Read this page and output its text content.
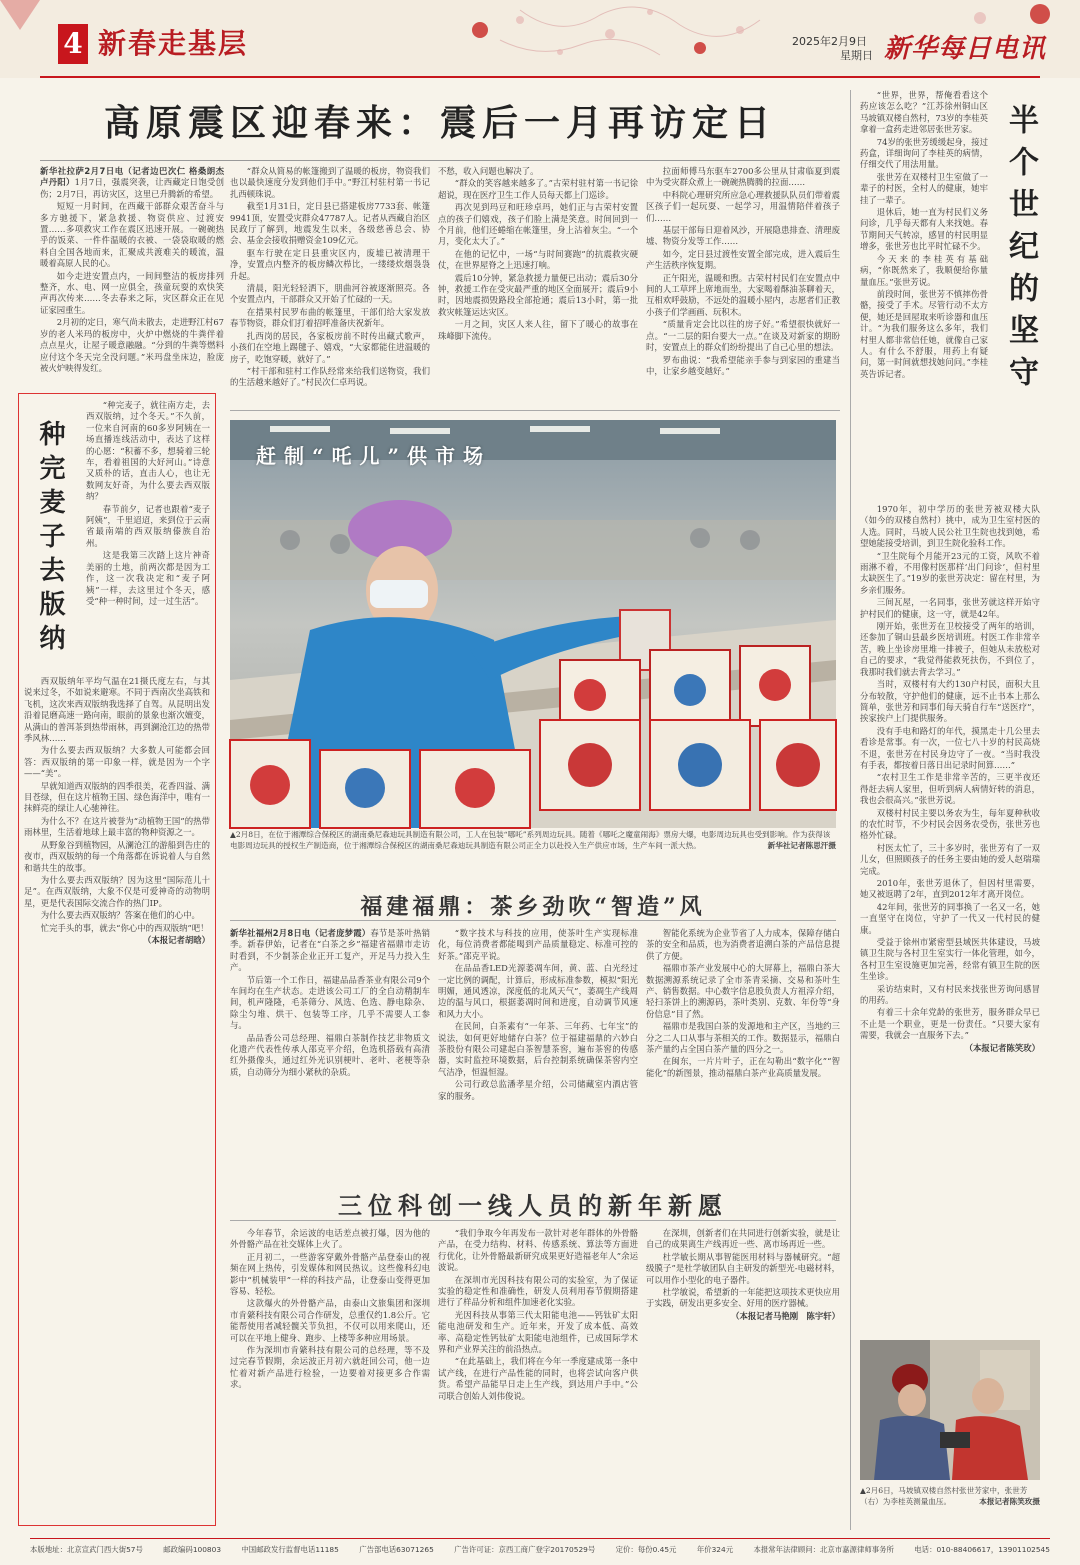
4 新春走基层	2025年2月9日
星期日 新华每日电讯
高原震区迎春来：震后一月再访定日

新华社拉萨2月7日电（记者边巴次仁 格桑朗杰　卢丹阳）1月7日，强震突袭，让西藏定日饱受创伤；2月7日，再访灾区，这里已升腾新的希望。

短短一月时间，在西藏干部群众艰苦奋斗与多方驰援下，紧急救援、物资供应、过渡安置……多项救灾工作在震区迅速开展。一碗碗热乎的饭菜、一件件温暖的衣被、一袋袋取暖的燃料自全国各地而来，汇聚成共渡难关的暖流，温暖着高原人民的心。

如今走进安置点内，一间间整洁的板房排列整齐，水、电、网一应俱全，孩童玩耍的欢快笑声再次传来……冬去春来之际，灾区群众正在见证家园重生。

2月初的定日，寒气尚未散去，走进野江村67岁的老人米玛的板房中，火炉中燃烧的牛粪伴着点点星火，让屋子暖意融融。“分到的牛粪等燃料应付这个冬天完全没问题。”米玛盘坐床边，脸庞被火炉映得发红。

“群众从简易的帐篷搬到了温暖的板房，物资我们也以最快速度分发到他们手中。”野江村驻村第一书记扎西顿珠说。

截至1月31日，定日县已搭建板房7733套、帐篷9941顶，安置受灾群众47787人。记者从西藏自治区民政厅了解到，地震发生以来，各级慈善总会、协会、基金会接收捐赠资金109亿元。

驱车行驶在定日县重灾区内，废墟已被清理干净，安置点内整齐的板房鳞次栉比，一缕缕炊烟袅袅升起。

清晨，阳光轻轻洒下，朋曲河谷被逐渐照亮。各个安置点内，干部群众又开始了忙碌的一天。

在措果村民罗布曲的帐篷里，干部们给大家发放春节物资，群众们打着招呼准备庆祝新年。

扎西岗的居民，各家板房前不时传出藏式歌声，小孩们在空地上踢毽子、嬉戏，“大家都能住进温暖的房子，吃饱穿暖，就好了。”

“村干部和驻村工作队经常来给我们送物资，我们的生活越来越好了。”村民次仁卓玛说。

不愁，收入问题也解决了。

“群众的笑容越来越多了。”古荣村驻村第一书记徐超说，现在医疗卫生工作人员每天都上门巡诊。

再次见到玛豆和旺珍卓玛，她们正与古荣村安置点的孩子们嬉戏，孩子们脸上满是笑意。时间回到一个月前，他们还蜷缩在帐篷里，身上沾着灰尘。“一个月，变化太大了。”

在他的记忆中，一场“与时间赛跑”的抗震救灾硬仗，在世界屋脊之上迅速打响。

震后10分钟，紧急救援力量便已出动；震后30分钟，救援工作在受灾最严重的地区全面展开；震后9小时，因地震损毁路段全部抢通；震后13小时，第一批救灾帐篷运达灾区。

一月之间，灾区人来人往，留下了暖心的故事在珠峰脚下流传。

拉面师傅马东驱车2700多公里从甘肃临夏到震中为受灾群众煮上一碗碗热腾腾的拉面……

中科院心理研究所应急心理救援队队员们带着震区孩子们一起玩耍、一起学习，用温情陪伴着孩子们……

基层干部每日迎着风沙，开展隐患排查、清理废墟、物资分发等工作……

如今，定日县过渡性安置全部完成，进入震后生产生活秩序恢复期。

正午阳光，温暖和煦。古荣村村民们在安置点中间的人工草坪上席地而坐，大家喝着酥油茶聊着天，互相欢呼鼓励，不远处的温暖小屋内，志愿者们正教小孩子们学画画、玩积木。

“质量肯定会比以往的房子好。”希望很快就好一点。“一二层的阳台要大一点。”在谈及对新家的期盼时，安置点上的群众们纷纷提出了自己心里的想法。

罗布曲说：“我希望能亲手参与到家园的重建当中，让家乡越变越好。”

种完麦子去版纳

“种完麦子，就往南方走，去西双版纳，过个冬天。”不久前，一位来自河南的60多岁阿姨在一场直播连线活动中，表达了这样的心愿：“积蓄不多，想骑着三轮车，看着祖国的大好河山。”诗意又质朴的话，直击人心，也让无数网友好奇，为什么要去西双版纳？

春节前夕，记者也跟着“麦子阿姨”，千里迢迢，来到位于云南省最南端的西双版纳傣族自治州。

这是我第三次踏上这片神奇美丽的土地，前两次都是因为工作，这一次我决定和“麦子阿姨”一样，去这里过个冬天，感受“种一种时间，过一过生活”。

西双版纳年平均气温在21摄氏度左右，与其说来过冬，不如说来避寒。不同于西南次坐高铁和飞机，这次来西双版纳我选择了自驾。从昆明出发沿着昆磨高速一路向南，眼前的景象也渐次嬗变，从满山的普洱茶到热带雨林，再到澜沧江边的热带季风林……

为什么要去西双版纳？大多数人可能都会回答：西双版纳的第一印象一样，就是因为一个字——“美”。

早就知道西双版纳的四季很美，花香四溢、满目苍绿，但在这片植物王国、绿色海洋中，唯有一抹鲜亮的绿让人心驰神往。

为什么不？在这片被誉为“动植物王国”的热带雨林里，生活着地球上最丰富的物种资源之一。

从野象谷到植物园，从澜沧江的游船到告庄的夜市，西双版纳的每一个角落都在诉说着人与自然和谐共生的故事。

为什么要去西双版纳？因为这里“国际范儿十足”。在西双版纳，大象不仅是可爱神奇的动物明星，更是代表国际交流合作的热门IP。

为什么要去西双版纳？答案在他们的心中。

忙完手头的事，就去“你心中的西双版纳”吧！

（本报记者胡晗）

赶制“吒儿”供市场
▲2月8日，在位于湘潭综合保税区的湖南桑尼森迪玩具制造有限公司，工人在包装“哪吒”系列周边玩具。随着《哪吒之魔童闹海》票房大爆，电影周边玩具也受到影响。作为获得该电影周边玩具的授权生产制造商，位于湘潭综合保税区的湖南桑尼森迪玩具制造有限公司正全力以赴投入生产供应市场，生产车间一派大热。	新华社记者陈思汗摄
福建福鼎：茶乡劲吹“智造”风

新华社福州2月8日电（记者庞梦霞）春节是茶叶热销季。新春伊始，记者在“白茶之乡”福建省福鼎市走访时看到，不少制茶企业正开工复产，开足马力投入生产。

节后第一个工作日，福建品品香茶业有限公司9个车间均在生产状态。走进该公司工厂的全自动精制车间，机声隆隆，毛茶筛分、风选、色选、静电除杂、除尘匀堆、烘干、包装等工序，几乎不需要人工参与。

品品香公司总经理、福鼎白茶制作技艺非物质文化遗产代表性传承人邵克平介绍，色选机搭载有高清红外摄像头，通过红外光识别梗叶、老叶、老梗等杂质，自动筛分为细小紧秋的杂质。

“数字技术与科技的应用，使茶叶生产实现标准化，每位消费者都能喝到产品质量稳定、标准可控的好茶。”邵克平说。

在品品香LED光源萎凋车间，黄、蓝、白光经过一定比例的调配，计算后，形成标准参数，模拟“阳光明媚，通风透凉，深度低的北风天气”，萎凋生产线周边的温与风口，根据萎凋时间和进度，自动调节风速和风力大小。

在民间，白茶素有“一年茶、三年药、七年宝”的说法，如何更好地储存白茶？位于福建福鼎的六妙白茶股份有限公司建起白茶智慧茶窖，遍布茶窖的传感器，实时监控环境数据，后台控制系统确保茶窖内空气洁净，恒温恒湿。

公司行政总监潘孝星介绍，公司储藏室内酒店管家的服务。

智能化系统为企业节省了人力成本，保障存储白茶的安全和品质，也为消费者追溯白茶的产品信息提供了方便。

福鼎市茶产业发展中心的大屏幕上，福鼎白茶大数据溯源系统记录了全市茶青采摘、交易和茶叶生产、销售数据。中心数字信息股负责人方祖淳介绍，轻扫茶饼上的溯源码，茶叶类别、克数、年份等“身份信息”目了然。

福鼎市是我国白茶的发源地和主产区，当地约三分之二人口从事与茶相关的工作。数据显示，福鼎白茶产量约占全国白茶产量的四分之一。

在闽东，一片片叶子，正在勾勒出“数字化”“智能化”的新图景，推动福鼎白茶产业高质量发展。

三位科创一线人员的新年新愿

今年春节，余运波的电话差点被打爆，因为他的外骨骼产品在社交媒体上火了。

正月初二，一些游客穿戴外骨骼产品登泰山的视频在网上热传，引发媒体和网民热议。这些像科幻电影中“机械装甲”一样的科技产品，让登泰山变得更加容易、轻松。

这款爆火的外骨骼产品，由泰山文旅集团和深圳市肯綮科技有限公司合作研发，总重仅约1.8公斤。它能帮使用者减轻髋关节负担，不仅可以用来爬山，还可以在平地上健身、跑步、上楼等多种应用场景。

作为深圳市肯綮科技有限公司的总经理，等不及过完春节假期，余运波正月初六就赶回公司，他一边忙着对新产品进行检验，一边要着对接更多合作需求。

“我们争取今年再发布一款针对老年群体的外骨骼产品，在受力结构、材料、传感系统、算法等方面进行优化，让外骨骼最新研究成果更好造福老年人”余运波说。

在深圳市光因科技有限公司的实验室，为了保证实验的稳定性和准确性，研发人员利用春节假期搭建进行了样品分析和组件加速老化实验。

光因科技从事第三代太阳能电池——钙钛矿太阳能电池研发和生产。近年来，开发了成本低、高效率、高稳定性钙钛矿太阳能电池组件，已成国际学术界和产业界关注的前沿热点。

“在此基础上，我们将在今年一季度建成第一条中试产线，在进行产品性能的同时，也将尝试向客户供货。希望产品能早日走上生产线，到达用户手中。”公司联合创始人刘伟俊说。

在深圳，创新者们在共同进行创新实验，就是让自己的成果离生产线再近一些、离市场再近一些。

杜学敏长期从事智能医用材料与器械研究。“超级膜子”是杜学敏团队自主研发的新型光-电磁材料，可以用作小型化的电子器件。

杜学敏说，希望新的一年能把这项技术更快应用于实践，研发出更多安全、好用的医疗器械。

（本报记者马艳刚　陈宇轩）

半个世纪的坚守

“世界，世界，帮俺看看这个药应该怎么吃？”江苏徐州铜山区马坡镇双楼自然村，73岁的李桂英拿着一盒药走进邻居张世芳家。

74岁的张世芳缓缓起身，接过药盒，详细询问了李桂英的病情，仔细交代了用法用量。

张世芳在双楼村卫生室做了一辈子的村医，全村人的健康，她牢挂了一辈子。

退休后，她一直为村民们义务问诊，几乎每天都有人来找她。春节期间天气转凉，感冒的村民明显增多，张世芳也比平时忙碌不少。

今天来的李桂英有基础病，“你既然来了，我顺便给你量量血压。”张世芳说。

前段时间，张世芳不慎摔伤骨骼，接受了手术。尽管行动不太方便，她还是回屋取来听诊器和血压计。“为我们服务这么多年，我们村里人都非常信任她，就像自己家人。有什么不舒服，用药上有疑问，第一时间就想找她问问。”李桂英告诉记者。

1970年，初中学历的张世芳被双楼大队（如今的双楼自然村）挑中，成为卫生室村医的人选。同时，马坡人民公社卫生院也找到她，希望她能接受培训，到卫生院化验科工作。

“卫生院每个月能开23元的工资，风吹不着雨淋不着，不用像村医那样‘出门问诊’，但村里太缺医生了。”19岁的张世芳决定：留在村里，为乡亲们服务。

三间瓦屋，一名同事，张世芳就这样开始守护村民们的健康，这一守，就是42年。

刚开始，张世芳在卫校接受了两年的培训，还参加了铜山县最乡医培训班。村医工作非常辛苦，晚上坐诊房里堆一排被子，但她从未放松对自己的要求，“我觉得能救死扶伤，不到位了，我那时我们就去背去学习。”

当时，双楼村有大约130户村民，面积大且分布较散，守护他们的健康，远不止书本上那么简单，张世芳和同事们每天骑自行车“送医疗”，挨家挨户上门提供服务。

没有手电和路灯的年代，摸黑走十几公里去看诊是常事。有一次，一位七八十岁的村民高烧不退，张世芳在村民身边守了一夜。“当时我没有手表，都按着日落日出记录时间算……”

“农村卫生工作是非常辛苦的，三更半夜还得赶去病人家里，但听到病人病情好转的消息，我也会很高兴。”张世芳说。

双楼村村民主要以务农为生，每年夏种秋收的农忙时节，不少村民会因务农受伤，张世芳也格外忙碌。

村医太忙了，三十多岁时，张世芳有了一双儿女，但照顾孩子的任务主要由她的爱人赵瑞瑞完成。

2010年，张世芳退休了，但因村里需要，她又被返聘了2年，直到2012年才离开岗位。

42年间，张世芳的同事换了一名又一名，她一直坚守在岗位，守护了一代又一代村民的健康。

受益于徐州市紧密型县域医共体建设，马坡镇卫生院与各村卫生室实行一体化管理，如今，各村卫生室设施更加完善，经常有镇卫生院的医生坐诊。

采访结束时，又有村民来找张世芳询问感冒的用药。

有着三十余年党龄的张世芳，服务群众早已不止是一个职业，更是一份责任。“只要大家有需要，我就会一直服务下去。”

（本报记者陈笑玫）

▲2月6日，马坡镇双楼自然村张世芳家中，张世芳（右）为李桂英测量血压。	本报记者陈笑玫摄
本版地址：北京宣武门西大街57号	邮政编码100803	中国邮政发行监督电话11185	广告部电话63071265	广告许可证：京西工商广登字20170529号	定价：每份0.45元	年价324元	本报常年法律顾问：北京市嘉源律师事务所	电话：010-88406617，13901102545
